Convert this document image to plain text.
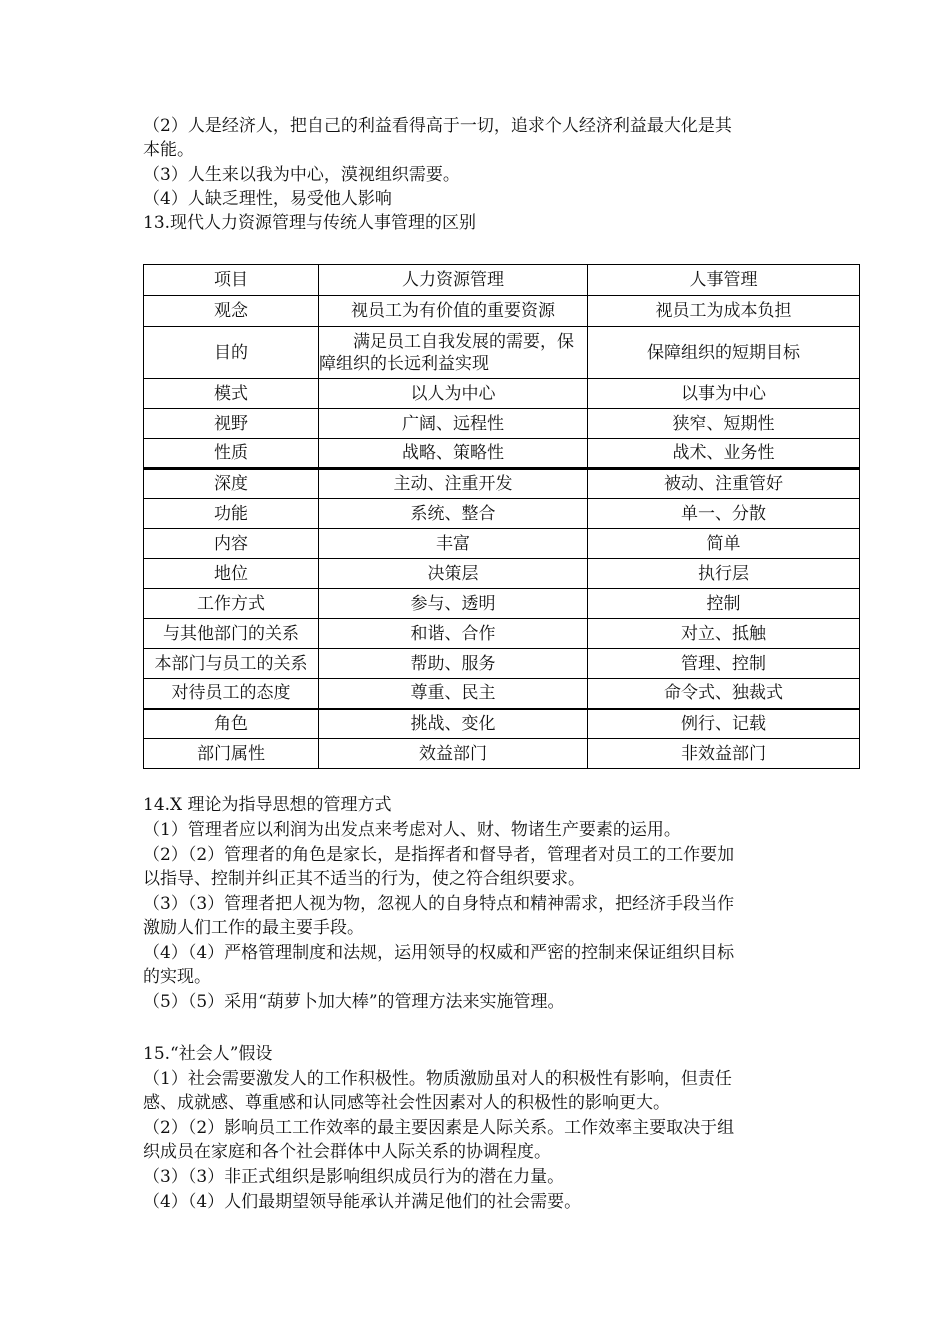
（2）人是经济人，把自己的利益看得高于一切，追求个人经济利益最大化是其
本能。
（3）人生来以我为中心，漠视组织需要。
（4）人缺乏理性，易受他人影响
13.现代人力资源管理与传统人事管理的区别
项目	人力资源管理	人事管理
观念	视员工为有价值的重要资源	视员工为成本负担
目的	满足员工自我发展的需要，保障组织的长远利益实现	保障组织的短期目标
模式	以人为中心	以事为中心
视野	广阔、远程性	狭窄、短期性
性质	战略、策略性	战术、业务性
深度	主动、注重开发	被动、注重管好
功能	系统、整合	单一、分散
内容	丰富	简单
地位	决策层	执行层
工作方式	参与、透明	控制
与其他部门的关系	和谐、合作	对立、抵触
本部门与员工的关系	帮助、服务	管理、控制
对待员工的态度	尊重、民主	命令式、独裁式
角色	挑战、变化	例行、记载
部门属性	效益部门	非效益部门
14.X 理论为指导思想的管理方式
（1）管理者应以利润为出发点来考虑对人、财、物诸生产要素的运用。
（2）（2）管理者的角色是家长，是指挥者和督导者，管理者对员工的工作要加
以指导、控制并纠正其不适当的行为，使之符合组织要求。
（3）（3）管理者把人视为物，忽视人的自身特点和精神需求，把经济手段当作
激励人们工作的最主要手段。
（4）（4）严格管理制度和法规，运用领导的权威和严密的控制来保证组织目标
的实现。
（5）（5）采用“葫萝卜加大棒”的管理方法来实施管理。
15.“社会人”假设
（1）社会需要激发人的工作积极性。物质激励虽对人的积极性有影响，但责任
感、成就感、尊重感和认同感等社会性因素对人的积极性的影响更大。
（2）（2）影响员工工作效率的最主要因素是人际关系。工作效率主要取决于组
织成员在家庭和各个社会群体中人际关系的协调程度。
（3）（3）非正式组织是影响组织成员行为的潜在力量。
（4）（4）人们最期望领导能承认并满足他们的社会需要。
